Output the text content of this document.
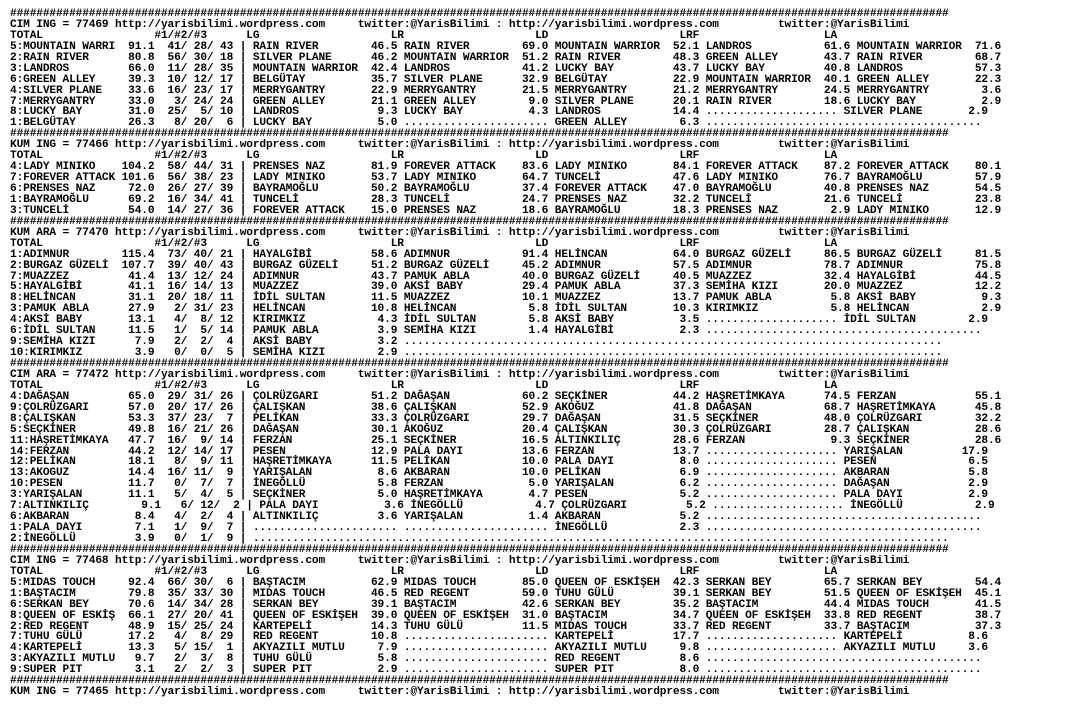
###############################################################################################################################################
CIM ING = 77469 http://yarisbilimi.wordpress.com     twitter:@YarisBilimi : http://yarisbilimi.wordpress.com         twitter:@YarisBilimi
TOTAL                 #1/#2/#3      LG                    LR                    LD                    LRF                   LA
5:MOUNTAIN WARRI  91.1  41/ 28/ 43 | RAIN RIVER        46.5 RAIN RIVER        69.0 MOUNTAIN WARRIOR  52.1 LANDROS           61.6 MOUNTAIN WARRIOR  71.6
2:RAIN RIVER      80.8  56/ 30/ 18 | SILVER PLANE      46.2 MOUNTAIN WARRIOR  51.2 RAIN RIVER        48.3 GREEN ALLEY       43.7 RAIN RIVER        68.7
3:LANDROS         66.0  11/ 28/ 35 | MOUNTAIN WARRIOR  42.4 LANDROS           41.2 LUCKY BAY         43.7 LUCKY BAY         40.8 LANDROS           57.3
6:GREEN ALLEY     39.3  10/ 12/ 17 | BELGÜTAY          35.7 SILVER PLANE      32.9 BELGÜTAY          22.9 MOUNTAIN WARRIOR  40.1 GREEN ALLEY       22.3
4:SILVER PLANE    33.6  16/ 23/ 17 | MERRYGANTRY       22.9 MERRYGANTRY       21.5 MERRYGANTRY       21.2 MERRYGANTRY       24.5 MERRYGANTRY        3.6
7:MERRYGANTRY     33.0   3/ 24/ 24 | GREEN ALLEY       21.1 GREEN ALLEY        9.0 SILVER PLANE      20.1 RAIN RIVER        18.6 LUCKY BAY          2.9
8:LUCKY BAY       31.0  25/  5/ 10 | LANDROS            9.3 LUCKY BAY          4.3 LANDROS           14.4 .................... SILVER PLANE       2.9
1:BELGÜTAY        26.3   8/ 20/  6 | LUCKY BAY          5.0 ...................... GREEN ALLEY        6.3 ..........................................
###############################################################################################################################################
KUM ING = 77466 http://yarisbilimi.wordpress.com     twitter:@YarisBilimi : http://yarisbilimi.wordpress.com         twitter:@YarisBilimi
TOTAL                 #1/#2/#3      LG                    LR                    LD                    LRF                   LA
4:LADY MINIKO    104.2  58/ 44/ 31 | PRENSES NAZ       81.9 FOREVER ATTACK    83.6 LADY MINIKO       84.1 FOREVER ATTACK    87.2 FOREVER ATTACK    80.1
7:FOREVER ATTACK 101.6  56/ 38/ 23 | LADY MINIKO       53.7 LADY MINIKO       64.7 TUNCELİ           47.6 LADY MINIKO       76.7 BAYRAMOĞLU        57.9
6:PRENSES NAZ     72.0  26/ 27/ 39 | BAYRAMOĞLU        50.2 BAYRAMOĞLU        37.4 FOREVER ATTACK    47.0 BAYRAMOĞLU        40.8 PRENSES NAZ       54.5
1:BAYRAMOĞLU      69.2  16/ 34/ 41 | TUNCELİ           28.3 TUNCELİ           24.7 PRENSES NAZ       32.2 TUNCELİ           21.6 TUNCELİ           23.8
3:TUNCELİ         54.0  14/ 27/ 36 | FOREVER ATTACK    15.0 PRENSES NAZ       18.6 BAYRAMOĞLU        18.3 PRENSES NAZ        2.9 LADY MINIKO       12.9
###############################################################################################################################################
KUM ARA = 77470 http://yarisbilimi.wordpress.com     twitter:@YarisBilimi : http://yarisbilimi.wordpress.com         twitter:@YarisBilimi
TOTAL                 #1/#2/#3      LG                    LR                    LD                    LRF                   LA
1:ADIMNUR        115.4  73/ 40/ 21 | HAYALGİBİ         58.6 ADIMNUR           91.4 HELİNCAN          64.0 BURGAZ GÜZELİ     86.5 BURGAZ GÜZELİ     81.5
2:BURGAZ GÜZELİ  107.7  39/ 40/ 43 | BURGAZ GÜZELİ     51.2 BURGAZ GÜZELİ     45.2 ADIMNUR           57.5 ADIMNUR           78.7 ADIMNUR           75.8
7:MUAZZEZ         41.4  13/ 12/ 24 | ADIMNUR           43.7 PAMUK ABLA        40.0 BURGAZ GÜZELİ     40.5 MUAZZEZ           32.4 HAYALGİBİ         44.5
5:HAYALGİBİ       41.1  16/ 14/ 13 | MUAZZEZ           39.0 AKSİ BABY         29.4 PAMUK ABLA        37.3 SEMİHA KIZI       20.0 MUAZZEZ           12.2
8:HELİNCAN        31.1  20/ 18/ 11 | İDİL SULTAN       11.5 MUAZZEZ           10.1 MUAZZEZ           13.7 PAMUK ABLA         5.8 AKSİ BABY          9.3
3:PAMUK ABLA      27.9   2/ 31/ 23 | HELİNCAN          10.8 HELİNCAN           5.8 İDİL SULTAN       10.3 KIRIMKIZ           5.8 HELİNCAN           2.9
4:AKSİ BABY       13.1   4/  8/ 12 | KIRIMKIZ           4.3 İDİL SULTAN        5.8 AKSİ BABY          3.5 .................... İDİL SULTAN        2.9
6:İDİL SULTAN     11.5   1/  5/ 14 | PAMUK ABLA         3.9 SEMİHA KIZI        1.4 HAYALGİBİ          2.3 ..........................................
9:SEMİHA KIZI      7.9   2/  2/  4 | AKSİ BABY          3.2 ..................................................................................
10:KIRIMKIZ        3.9   0/  0/  5 | SEMİHA KIZI        2.9 ..................................................................................
###############################################################################################################################################
CIM ARA = 77472 http://yarisbilimi.wordpress.com     twitter:@YarisBilimi : http://yarisbilimi.wordpress.com         twitter:@YarisBilimi
TOTAL                 #1/#2/#3      LG                    LR                    LD                    LRF                   LA
4:DAĞAŞAN         65.0  29/ 31/ 26 | ÇOLRÜZGARI        51.2 DAĞAŞAN           60.2 SEÇKİNER          44.2 HAŞRETİMKAYA      74.5 FERZAN            55.1
9:ÇOLRÜZGARI      57.0  20/ 17/ 26 | ÇALIŞKAN          38.6 ÇALIŞKAN          52.9 AKOĞUZ            41.8 DAĞAŞAN           68.7 HAŞRETİMKAYA      45.8
8:ÇALIŞKAN        53.3  37/ 23/  7 | PELİKAN           33.3 ÇOLRÜZGARI        29.7 DAĞAŞAN           31.5 SEÇKİNER          48.0 ÇOLRÜZGARI        32.2
5:SEÇKİNER        49.8  16/ 21/ 26 | DAĞAŞAN           30.1 AKOĞUZ            20.4 ÇALIŞKAN          30.3 ÇOLRÜZGARI        28.7 ÇALIŞKAN          28.6
11:HAŞRETİMKAYA   47.7  16/  9/ 14 | FERZAN            25.1 SEÇKİNER          16.5 ALTINKILIÇ        28.6 FERZAN             9.3 SEÇKİNER          28.6
14:FERZAN         44.2  12/ 14/ 17 | PESEN             12.9 PALA DAYI         13.6 FERZAN            13.7 .................... YARIŞALAN         17.9
12:PELİKAN        18.1   8/  9/ 11 | HAŞRETİMKAYA      11.5 PELİKAN           10.0 PALA DAYI          8.0 .................... PESEN              6.5
13:AKOGUZ         14.4  16/ 11/  9 | YARIŞALAN          8.6 AKBARAN           10.0 PELİKAN            6.9 .................... AKBARAN            5.8
10:PESEN          11.7   0/  7/  7 | İNEGÖLLÜ           5.8 FERZAN             5.0 YARIŞALAN          6.2 .................... DAĞAŞAN            2.9
3:YARIŞALAN       11.1   5/  4/  5 | SEÇKİNER           5.0 HAŞRETİMKAYA       4.7 PESEN              5.2 .................... PALA DAYI          2.9
7:ALTINKILIÇ        9.1   6/ 12/  2 | PALA DAYI          3.6 İNEGÖLLÜ           4.7 ÇOLRÜZGARI         5.2 .................... İNEGÖLLÜ           2.9
6:AKBARAN          8.4   4/  2/  4 | ALTINKILIÇ         3.6 YARIŞALAN          1.4 AKBARAN            5.2 ..........................................
1:PALA DAYI        7.1   1/  9/  7 | ...................... ...................... İNEGÖLLÜ           2.3 ..........................................
2:İNEGÖLLÜ         3.9   0/  1/  9 | ..........................................................................................................
###############################################################################################################################################
CIM ING = 77468 http://yarisbilimi.wordpress.com     twitter:@YarisBilimi : http://yarisbilimi.wordpress.com         twitter:@YarisBilimi
TOTAL                 #1/#2/#3      LG                    LR                    LD                    LRF                   LA
5:MIDAS TOUCH     92.4  66/ 30/  6 | BAŞTACIM          62.9 MIDAS TOUCH       85.0 QUEEN OF ESKİŞEH  42.3 SERKAN BEY        65.7 SERKAN BEY        54.4
1:BAŞTACIM        79.8  35/ 33/ 30 | MIDAS TOUCH       46.5 RED REGENT        59.0 TUHU GÜLÜ         39.1 SERKAN BEY        51.5 QUEEN OF ESKİŞEH  45.1
6:SERKAN BEY      70.6  14/ 34/ 28 | SERKAN BEY        39.1 BAŞTACIM          42.6 SERKAN BEY        35.2 BAŞTACIM          44.4 MIDAS TOUCH       41.5
8:QUEEN OF ESKİŞ  66.1  27/ 20/ 41 | QUEEN OF ESKİŞEH  39.0 QUEEN OF ESKİŞEH  31.0 BAŞTACIM          34.7 QUEEN OF ESKİŞEH  33.8 RED REGENT        38.7
2:RED REGENT      48.9  15/ 25/ 24 | KARTEPELİ         14.3 TUHU GÜLÜ         11.5 MIDAS TOUCH       33.7 RED REGENT        33.7 BAŞTACIM          37.3
7:TUHU GÜLÜ       17.2   4/  8/ 29 | RED REGENT        10.8 ...................... KARTEPELİ         17.7 .................... KARTEPELİ          8.6
4:KARTEPELİ       13.3   5/ 15/  1 | AKYAZILI MUTLU     7.9 ...................... AKYAZILI MUTLU     9.8 .................... AKYAZILI MUTLU     3.6
3:AKYAZILI MUTLU   9.7   2/  3/  8 | TUHU GÜLÜ          5.8 ...................... RED REGENT         8.6 ..........................................
9:SUPER PIT        3.1   2/  2/  3 | SUPER PIT          2.9 ...................... SUPER PIT          8.0 ..........................................
###############################################################################################################################################
KUM ING = 77465 http://yarisbilimi.wordpress.com     twitter:@YarisBilimi : http://yarisbilimi.wordpress.com         twitter:@YarisBilimi
